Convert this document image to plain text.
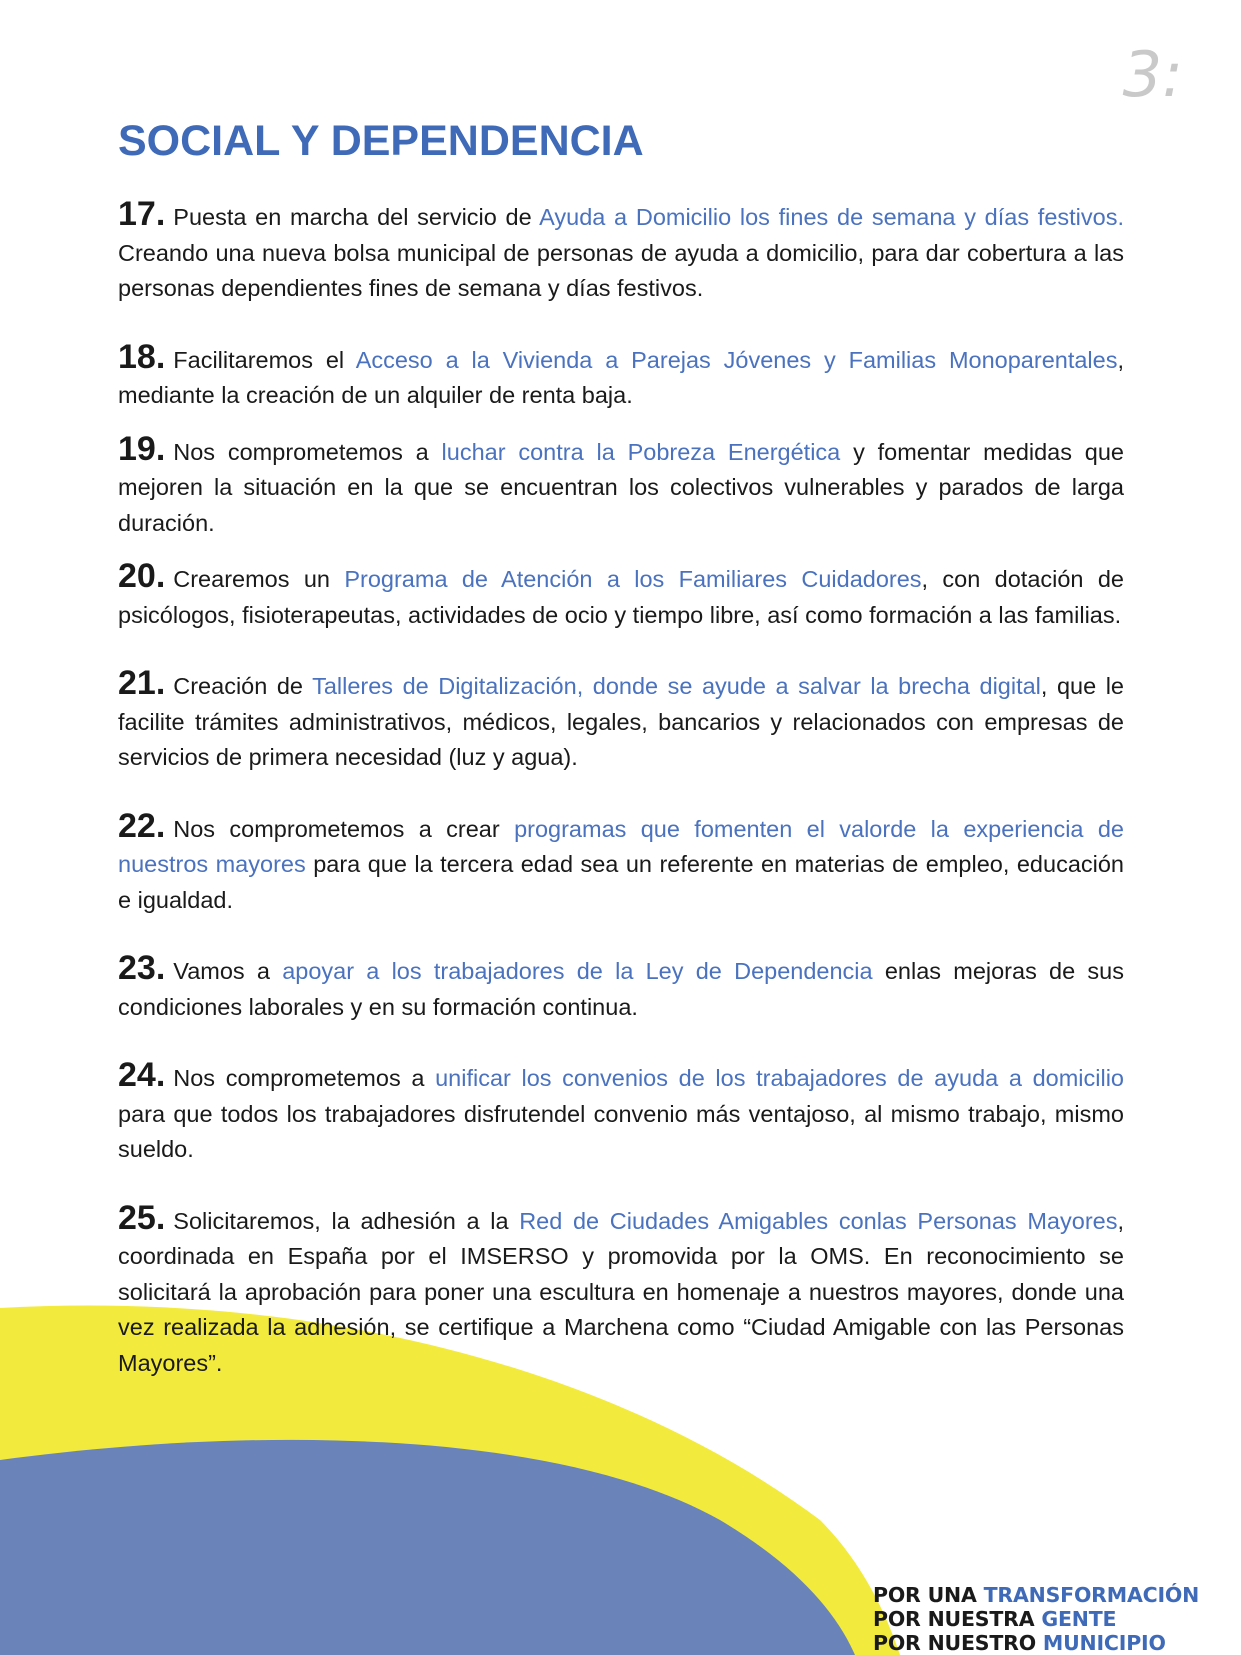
3:
SOCIAL Y DEPENDENCIA

17. Puesta en marcha del servicio de Ayuda a Domicilio los fines de semana y días festivos. Creando una nueva bolsa municipal de personas de ayuda a domicilio, para dar cobertura a las personas dependientes fines de semana y días festivos.

18. Facilitaremos el Acceso a la Vivienda a Parejas Jóvenes y Familias Monoparentales, mediante la creación de un alquiler de renta baja.

19. Nos comprometemos a luchar contra la Pobreza Energética y fomentar medidas que mejoren la situación en la que se encuentran los colectivos vulnerables y parados de larga duración.

20. Crearemos un Programa de Atención a los Familiares Cuidadores, con dotación de psicólogos, fisioterapeutas, actividades de ocio y tiempo libre, así como formación a las familias.

21. Creación de Talleres de Digitalización, donde se ayude a salvar la brecha digital, que le facilite trámites administrativos, médicos, legales, bancarios y relacionados con empresas de servicios de primera necesidad (luz y agua).

22. Nos comprometemos a crear programas que fomenten el valorde la experiencia de nuestros mayores para que la tercera edad sea un referente en materias de empleo, educación e igualdad.

23. Vamos a apoyar a los trabajadores de la Ley de Dependencia enlas mejoras de sus condiciones laborales y en su formación continua.

24. Nos comprometemos a unificar los convenios de los trabajadores de ayuda a domicilio para que todos los trabajadores disfrutendel convenio más ventajoso, al mismo trabajo, mismo sueldo.

25. Solicitaremos, la adhesión a la Red de Ciudades Amigables conlas Personas Mayores, coordinada en España por el IMSERSO y promovida por la OMS. En reconocimiento se solicitará la aprobación para poner una escultura en homenaje a nuestros mayores, donde una vez realizada la adhesión, se certifique a Marchena como “Ciudad Amigable con las Personas Mayores”.

POR UNA TRANSFORMACIÓN
POR NUESTRA GENTE
POR NUESTRO MUNICIPIO
